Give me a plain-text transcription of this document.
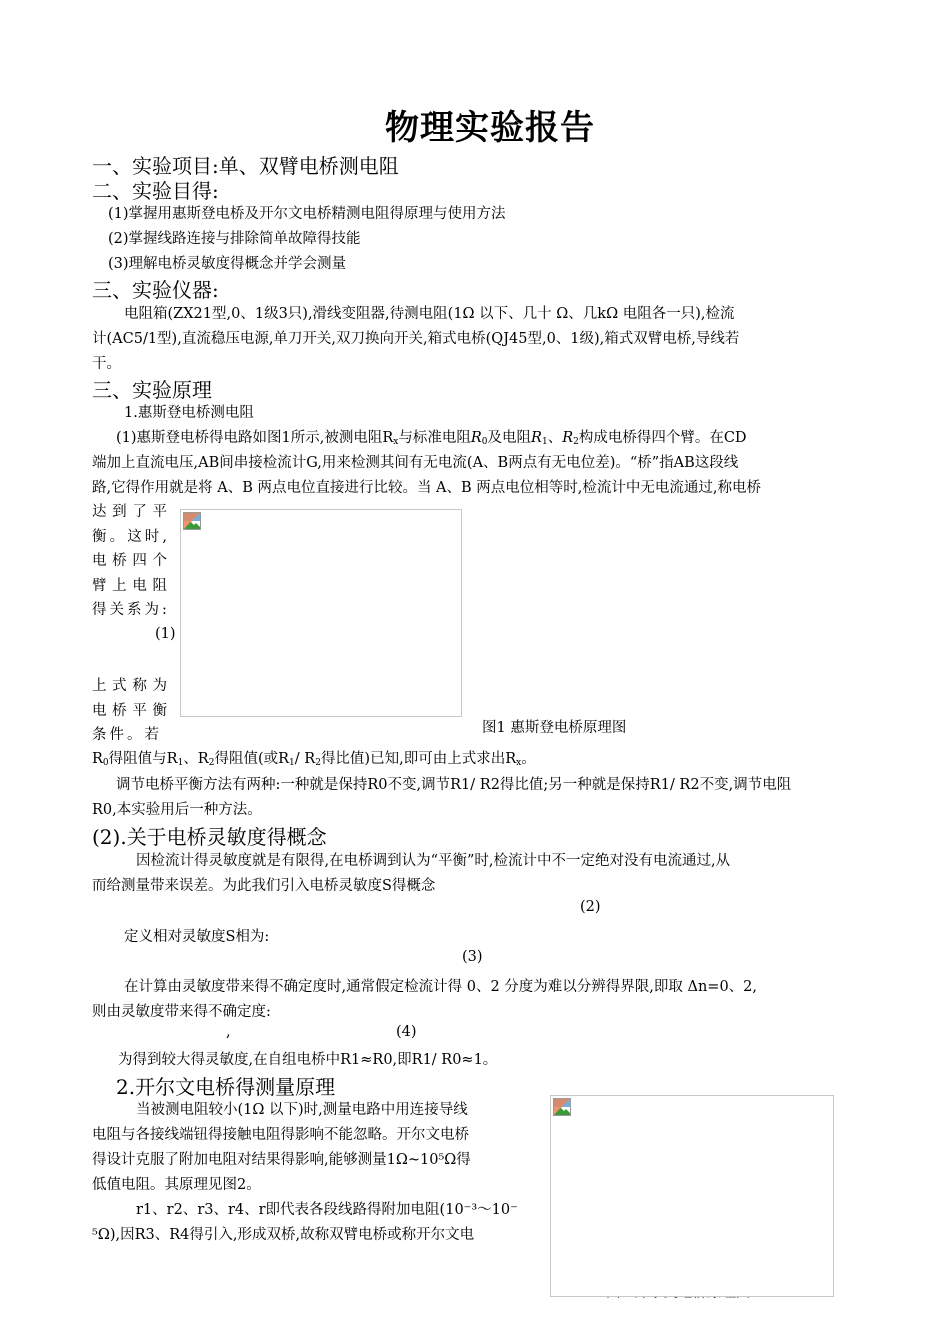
物理实验报告
一、实验项目:单、双臂电桥测电阻
二、实验目得:
(1)掌握用惠斯登电桥及开尔文电桥精测电阻得原理与使用方法
(2)掌握线路连接与排除简单故障得技能
(3)理解电桥灵敏度得概念并学会测量
三、实验仪器:
电阻箱(ZX21型,0、1级3只),滑线变阻器,待测电阻(1Ω 以下、几十 Ω、几kΩ 电阻各一只),检流
计(AC5/1型),直流稳压电源,单刀开关,双刀换向开关,箱式电桥(QJ45型,0、1级),箱式双臂电桥,导线若
干。
三、实验原理
1.惠斯登电桥测电阻
(1)惠斯登电桥得电路如图1所示,被测电阻$R_x$与标准电阻$R_0$及电阻$R_1$、$R_2$构成电桥得四个臂。在CD
端加上直流电压,AB间串接检流计G,用来检测其间有无电流(A、B两点有无电位差)。“桥”指AB这段线
路,它得作用就是将 A、B 两点电位直接进行比较。当 A、B 两点电位相等时,检流计中无电流通过,称电桥
达到了平衡。这时,电桥四个臂上电阻得关系为:
(1)
上式称为电桥平衡条件。若	图1 惠斯登电桥原理图
$R_0$得阻值与$R_1$、$R_2$得阻值(或$R_1/$ $R_2$得比值)已知,即可由上式求出$R_x$。
调节电桥平衡方法有两种:一种就是保持R0不变,调节R1/ R2得比值;另一种就是保持R1/ R2不变,调节电阻
R0,本实验用后一种方法。
(2).关于电桥灵敏度得概念
因检流计得灵敏度就是有限得,在电桥调到认为“平衡”时,检流计中不一定绝对没有电流通过,从
而给测量带来误差。为此我们引入电桥灵敏度S得概念
(2)
定义相对灵敏度S相为:
(3)
在计算由灵敏度带来得不确定度时,通常假定检流计得 0、2 分度为难以分辨得界限,即取 Δn=0、2,
则由灵敏度带来得不确定度:
,	(4)
为得到较大得灵敏度,在自组电桥中R1≈R0,即R1/ R0≈1。
2.开尔文电桥得测量原理
当被测电阻较小(1Ω 以下)时,测量电路中用连接导线
电阻与各接线端钮得接触电阻得影响不能忽略。开尔文电桥
得设计克服了附加电阻对结果得影响,能够测量1Ω~10⁵Ω得
低值电阻。其原理见图2。
r1、r2、r3、r4、r即代表各段线路得附加电阻(10⁻³～10⁻
⁵Ω),因R3、R4得引入,形成双桥,故称双臂电桥或称开尔文电
